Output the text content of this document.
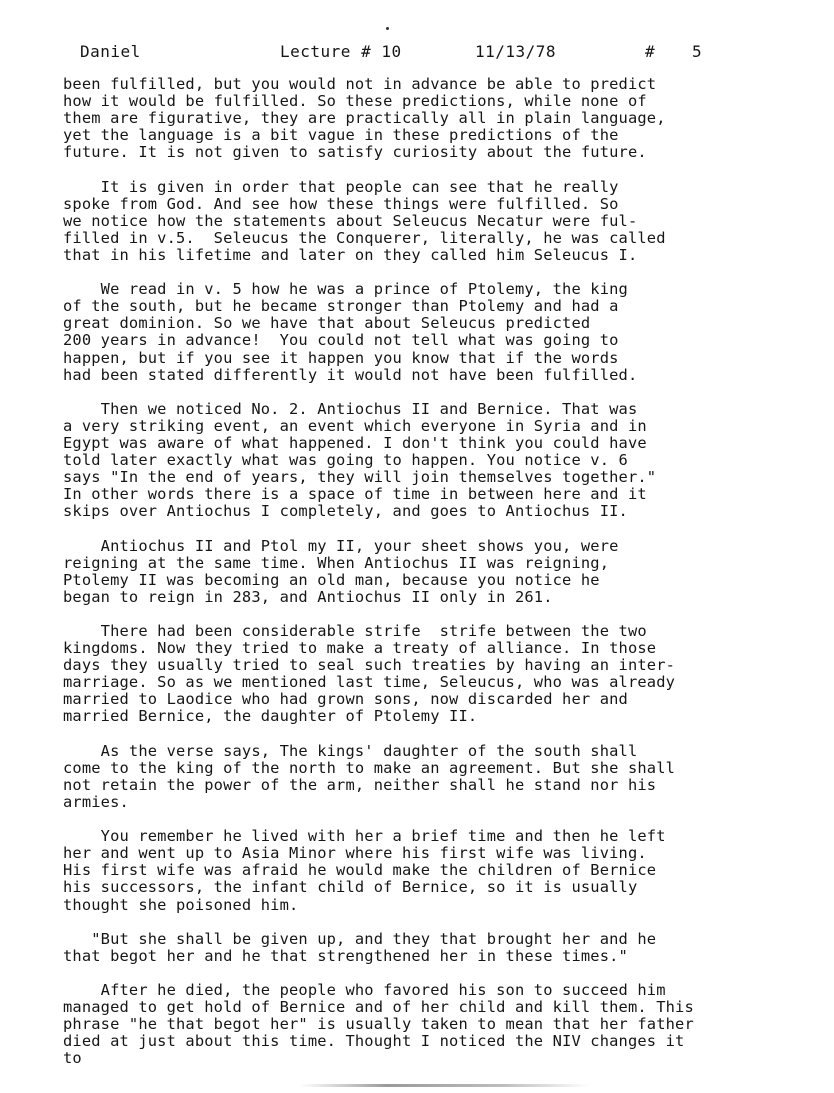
Daniel	Lecture # 10	11/13/78	# 5
been fulfilled, but you would not in advance be able to predict
how it would be fulfilled. So these predictions, while none of
them are figurative, they are practically all in plain language,
yet the language is a bit vague in these predictions of the
future. It is not given to satisfy curiosity about the future.
It is given in order that people can see that he really
spoke from God. And see how these things were fulfilled. So
we notice how the statements about Seleucus Necatur were ful-
filled in v.5.  Seleucus the Conquerer, literally, he was called
that in his lifetime and later on they called him Seleucus I.
We read in v. 5 how he was a prince of Ptolemy, the king
of the south, but he became stronger than Ptolemy and had a
great dominion. So we have that about Seleucus predicted
200 years in advance!  You could not tell what was going to
happen, but if you see it happen you know that if the words
had been stated differently it would not have been fulfilled.
Then we noticed No. 2. Antiochus II and Bernice. That was
a very striking event, an event which everyone in Syria and in
Egypt was aware of what happened. I don't think you could have
told later exactly what was going to happen. You notice v. 6
says "In the end of years, they will join themselves together."
In other words there is a space of time in between here and it
skips over Antiochus I completely, and goes to Antiochus II.
Antiochus II and Ptol my II, your sheet shows you, were
reigning at the same time. When Antiochus II was reigning,
Ptolemy II was becoming an old man, because you notice he
began to reign in 283, and Antiochus II only in 261.
There had been considerable strife  strife between the two
kingdoms. Now they tried to make a treaty of alliance. In those
days they usually tried to seal such treaties by having an inter-
marriage. So as we mentioned last time, Seleucus, who was already
married to Laodice who had grown sons, now discarded her and
married Bernice, the daughter of Ptolemy II.
As the verse says, The kings' daughter of the south shall
come to the king of the north to make an agreement. But she shall
not retain the power of the arm, neither shall he stand nor his
armies.
You remember he lived with her a brief time and then he left
her and went up to Asia Minor where his first wife was living.
His first wife was afraid he would make the children of Bernice
his successors, the infant child of Bernice, so it is usually
thought she poisoned him.
"But she shall be given up, and they that brought her and he
that begot her and he that strengthened her in these times."
After he died, the people who favored his son to succeed him
managed to get hold of Bernice and of her child and kill them. This
phrase "he that begot her" is usually taken to mean that her father
died at just about this time. Thought I noticed the NIV changes it
to
